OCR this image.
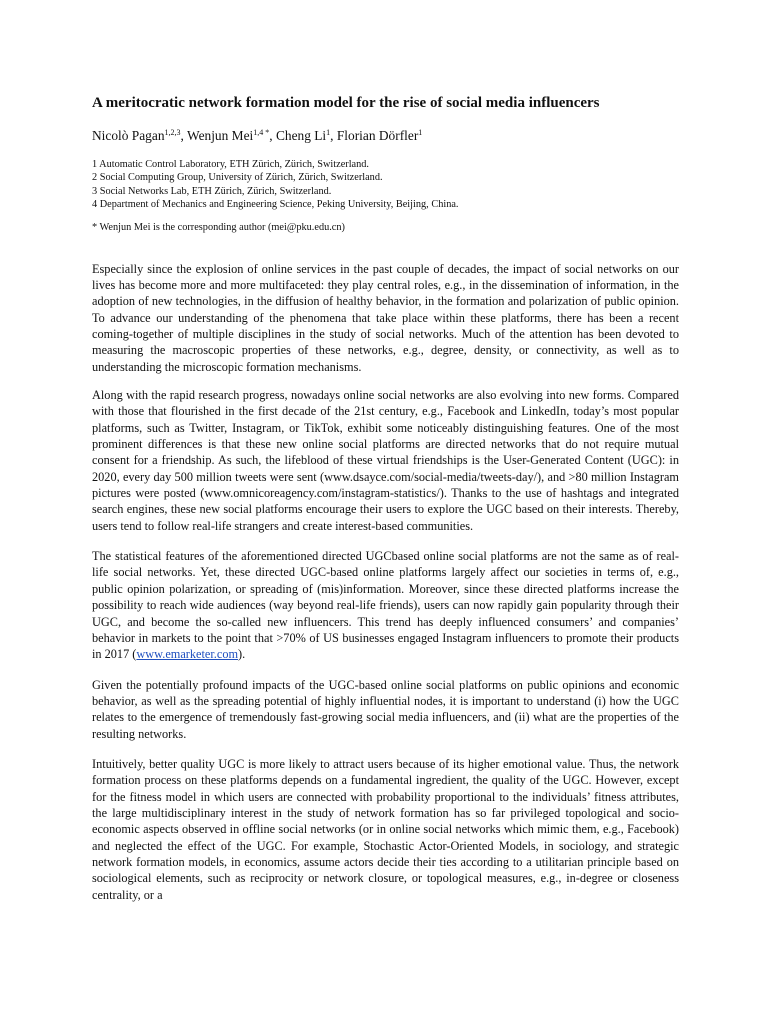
A meritocratic network formation model for the rise of social media influencers
Nicolò Pagan$^{1,2,3}$, Wenjun Mei$^{1,4 *}$, Cheng Li$^1$, Florian Dörfler$^1$
1 Automatic Control Laboratory, ETH Zürich, Zürich, Switzerland.
2 Social Computing Group, University of Zürich, Zürich, Switzerland.
3 Social Networks Lab, ETH Zürich, Zürich, Switzerland.
4 Department of Mechanics and Engineering Science, Peking University, Beijing, China.
* Wenjun Mei is the corresponding author (mei@pku.edu.cn)

Especially since the explosion of online services in the past couple of decades, the impact of social networks on our lives has become more and more multifaceted: they play central roles, e.g., in the dissemination of information, in the adoption of new technologies, in the diffusion of healthy behavior, in the formation and polarization of public opinion. To advance our understanding of the phenomena that take place within these platforms, there has been a recent coming-together of multiple disciplines in the study of social networks. Much of the attention has been devoted to measuring the macroscopic properties of these networks, e.g., degree, density, or connectivity, as well as to understanding the microscopic formation mechanisms.

Along with the rapid research progress, nowadays online social networks are also evolving into new forms. Compared with those that flourished in the first decade of the 21st century, e.g., Facebook and LinkedIn, today’s most popular platforms, such as Twitter, Instagram, or TikTok, exhibit some noticeably distinguishing features. One of the most prominent differences is that these new online social platforms are directed networks that do not require mutual consent for a friendship. As such, the lifeblood of these virtual friendships is the User-Generated Content (UGC): in 2020, every day 500 million tweets were sent (www.dsayce.com/social-media/tweets-day/), and >80 million Instagram pictures were posted (www.omnicoreagency.com/instagram-statistics/). Thanks to the use of hashtags and integrated search engines, these new social platforms encourage their users to explore the UGC based on their interests. Thereby, users tend to follow real-life strangers and create interest-based communities.

The statistical features of the aforementioned directed UGCbased online social platforms are not the same as of real-life social networks. Yet, these directed UGC-based online platforms largely affect our societies in terms of, e.g., public opinion polarization, or spreading of (mis)information. Moreover, since these directed platforms increase the possibility to reach wide audiences (way beyond real-life friends), users can now rapidly gain popularity through their UGC, and become the so-called new influencers. This trend has deeply influenced consumers’ and companies’ behavior in markets to the point that >70% of US businesses engaged Instagram influencers to promote their products in 2017 (www.emarketer.com).

Given the potentially profound impacts of the UGC-based online social platforms on public opinions and economic behavior, as well as the spreading potential of highly influential nodes, it is important to understand (i) how the UGC relates to the emergence of tremendously fast-growing social media influencers, and (ii) what are the properties of the resulting networks.

Intuitively, better quality UGC is more likely to attract users because of its higher emotional value. Thus, the network formation process on these platforms depends on a fundamental ingredient, the quality of the UGC. However, except for the fitness model in which users are connected with probability proportional to the individuals’ fitness attributes, the large multidisciplinary interest in the study of network formation has so far privileged topological and socio-economic aspects observed in offline social networks (or in online social networks which mimic them, e.g., Facebook) and neglected the effect of the UGC. For example, Stochastic Actor-Oriented Models, in sociology, and strategic network formation models, in economics, assume actors decide their ties according to a utilitarian principle based on sociological elements, such as reciprocity or network closure, or topological measures, e.g., in-degree or closeness centrality, or a
